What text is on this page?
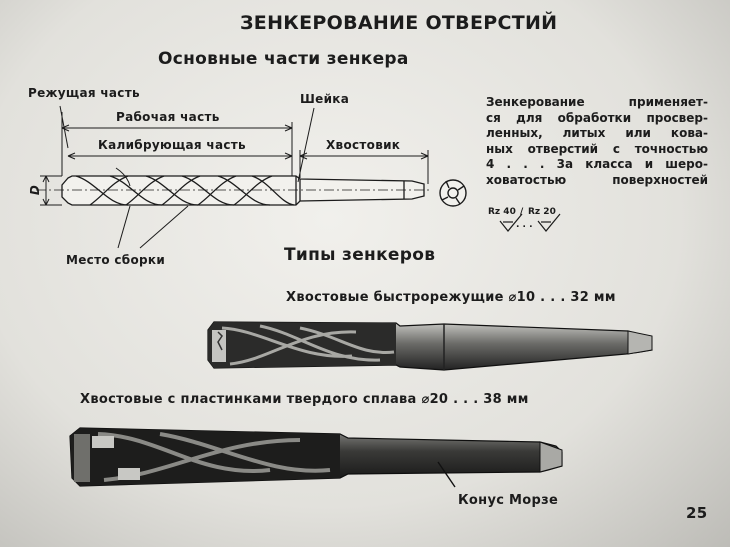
ЗЕНКЕРОВАНИЕ ОТВЕРСТИЙ
Основные части зенкера
Режущая часть
Рабочая часть
Калибрующая часть
Шейка
Хвостовик
Место сборки
D
Зенкерование применяет-
ся для обработки просвер-
ленных, литых или кова-
ных отверстий с точностью
4 . . . 3а класса и шеро-
ховатостью поверхностей
Rz 40 / Rz 20
. . .
Типы зенкеров
Хвостовые быстрорежущие ⌀10 . . . 32 мм
Хвостовые с пластинками твердого сплава ⌀20 . . . 38 мм
Конус Морзе
25
